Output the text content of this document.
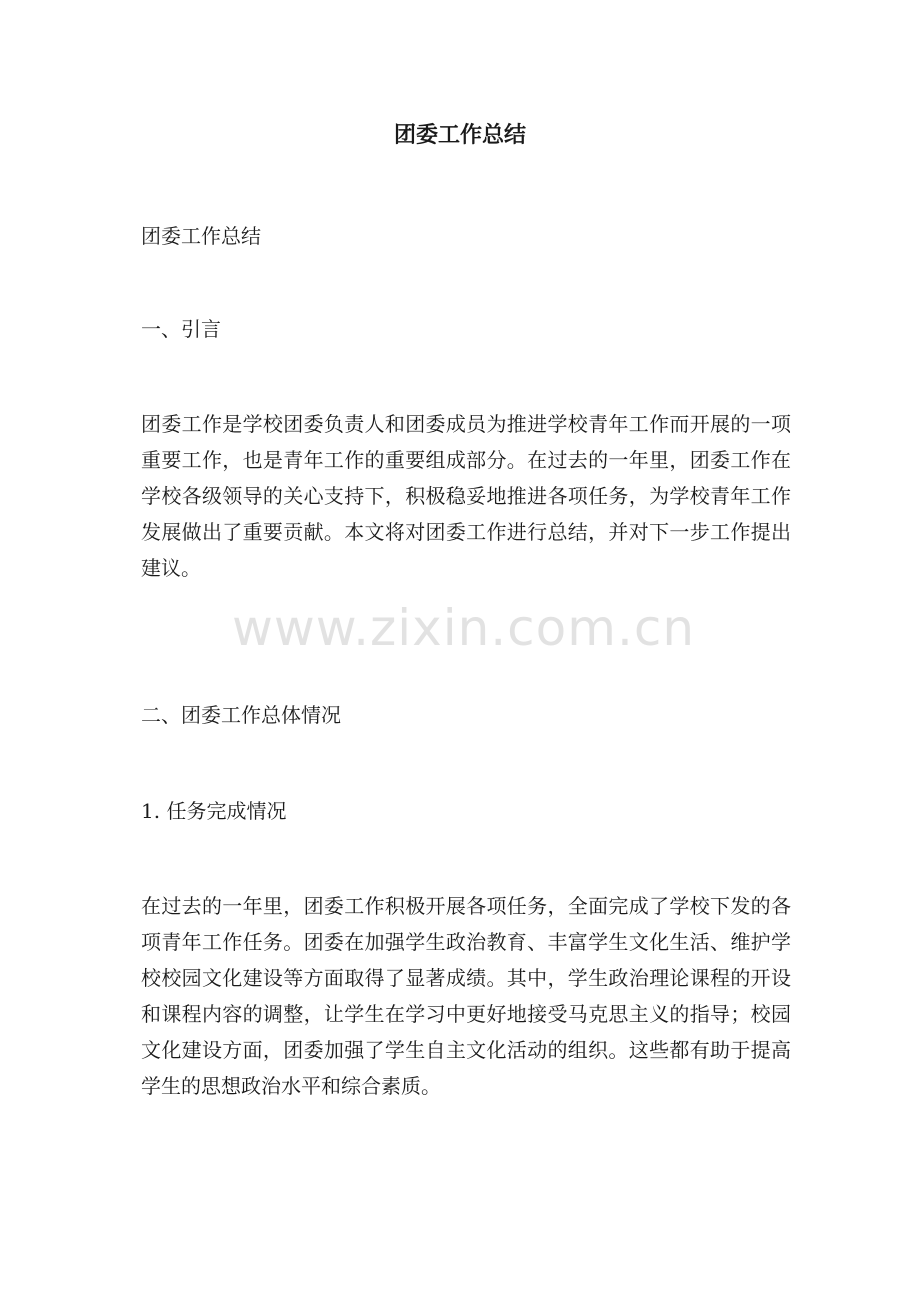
团委工作总结
团委工作总结
一、引言
团委工作是学校团委负责人和团委成员为推进学校青年工作而开展的一项重要工作，也是青年工作的重要组成部分。在过去的一年里，团委工作在学校各级领导的关心支持下，积极稳妥地推进各项任务，为学校青年工作发展做出了重要贡献。本文将对团委工作进行总结，并对下一步工作提出建议。
二、团委工作总体情况
1. 任务完成情况
在过去的一年里，团委工作积极开展各项任务，全面完成了学校下发的各项青年工作任务。团委在加强学生政治教育、丰富学生文化生活、维护学校校园文化建设等方面取得了显著成绩。其中，学生政治理论课程的开设和课程内容的调整，让学生在学习中更好地接受马克思主义的指导；校园文化建设方面，团委加强了学生自主文化活动的组织。这些都有助于提高学生的思想政治水平和综合素质。
www.zixin.com.cn
